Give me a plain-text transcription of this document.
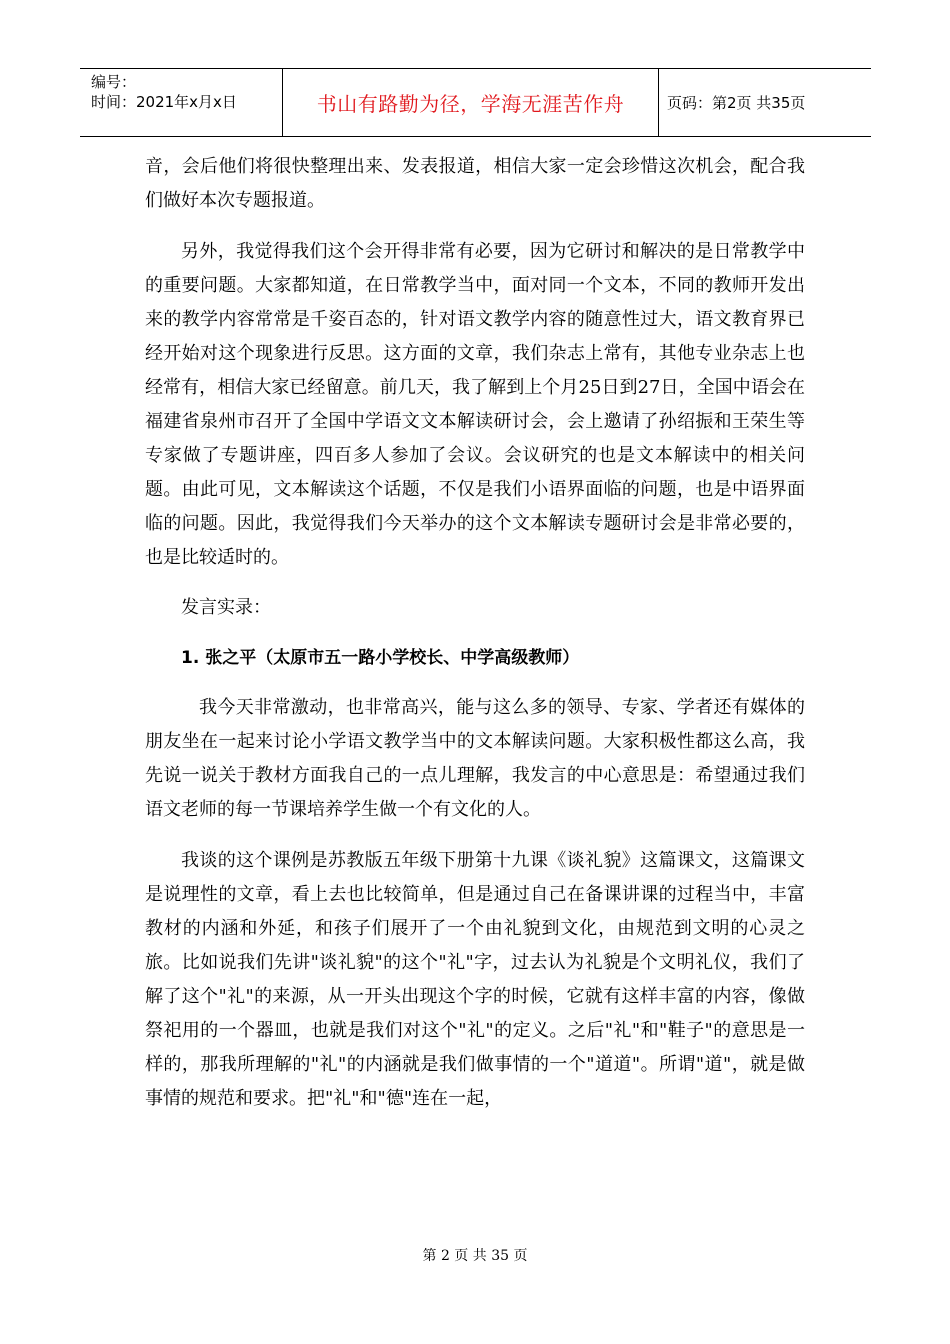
编号：
时间：2021年x月x日	书山有路勤为径，学海无涯苦作舟	页码：第2页 共35页

音，会后他们将很快整理出来、发表报道，相信大家一定会珍惜这次机会，配合我们做好本次专题报道。

另外，我觉得我们这个会开得非常有必要，因为它研讨和解决的是日常教学中的重要问题。大家都知道，在日常教学当中，面对同一个文本，不同的教师开发出来的教学内容常常是千姿百态的，针对语文教学内容的随意性过大，语文教育界已经开始对这个现象进行反思。这方面的文章，我们杂志上常有，其他专业杂志上也经常有，相信大家已经留意。前几天，我了解到上个月25日到27日，全国中语会在福建省泉州市召开了全国中学语文文本解读研讨会，会上邀请了孙绍振和王荣生等专家做了专题讲座，四百多人参加了会议。会议研究的也是文本解读中的相关问题。由此可见，文本解读这个话题，不仅是我们小语界面临的问题，也是中语界面临的问题。因此，我觉得我们今天举办的这个文本解读专题研讨会是非常必要的，也是比较适时的。

发言实录：

1. 张之平（太原市五一路小学校长、中学高级教师）

我今天非常激动，也非常高兴，能与这么多的领导、专家、学者还有媒体的朋友坐在一起来讨论小学语文教学当中的文本解读问题。大家积极性都这么高，我先说一说关于教材方面我自己的一点儿理解，我发言的中心意思是：希望通过我们语文老师的每一节课培养学生做一个有文化的人。

我谈的这个课例是苏教版五年级下册第十九课《谈礼貌》这篇课文，这篇课文是说理性的文章，看上去也比较简单，但是通过自己在备课讲课的过程当中，丰富教材的内涵和外延，和孩子们展开了一个由礼貌到文化，由规范到文明的心灵之旅。比如说我们先讲"谈礼貌"的这个"礼"字，过去认为礼貌是个文明礼仪，我们了解了这个"礼"的来源，从一开头出现这个字的时候，它就有这样丰富的内容，像做祭祀用的一个器皿，也就是我们对这个"礼"的定义。之后"礼"和"鞋子"的意思是一样的，那我所理解的"礼"的内涵就是我们做事情的一个"道道"。所谓"道"，就是做事情的规范和要求。把"礼"和"德"连在一起，

第 2 页 共 35 页
